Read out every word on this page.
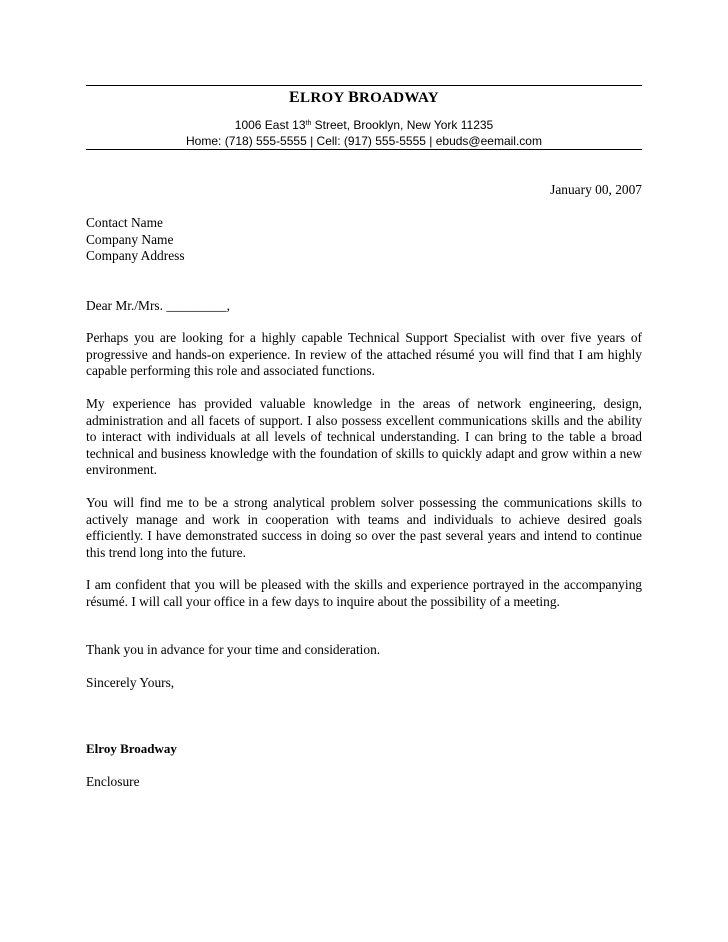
ELROY BROADWAY
1006 East 13th Street, Brooklyn, New York 11235
Home: (718) 555-5555 | Cell: (917) 555-5555 | ebuds@eemail.com
January 00, 2007
Contact Name
Company Name
Company Address
Dear Mr./Mrs. _________,
Perhaps you are looking for a highly capable Technical Support Specialist with over five years of progressive and hands-on experience. In review of the attached résumé you will find that I am highly capable performing this role and associated functions.
My experience has provided valuable knowledge in the areas of network engineering, design, administration and all facets of support. I also possess excellent communications skills and the ability to interact with individuals at all levels of technical understanding. I can bring to the table a broad technical and business knowledge with the foundation of skills to quickly adapt and grow within a new environment.
You will find me to be a strong analytical problem solver possessing the communications skills to actively manage and work in cooperation with teams and individuals to achieve desired goals efficiently. I have demonstrated success in doing so over the past several years and intend to continue this trend long into the future.
I am confident that you will be pleased with the skills and experience portrayed in the accompanying résumé. I will call your office in a few days to inquire about the possibility of a meeting.
Thank you in advance for your time and consideration.
Sincerely Yours,
Elroy Broadway
Enclosure
